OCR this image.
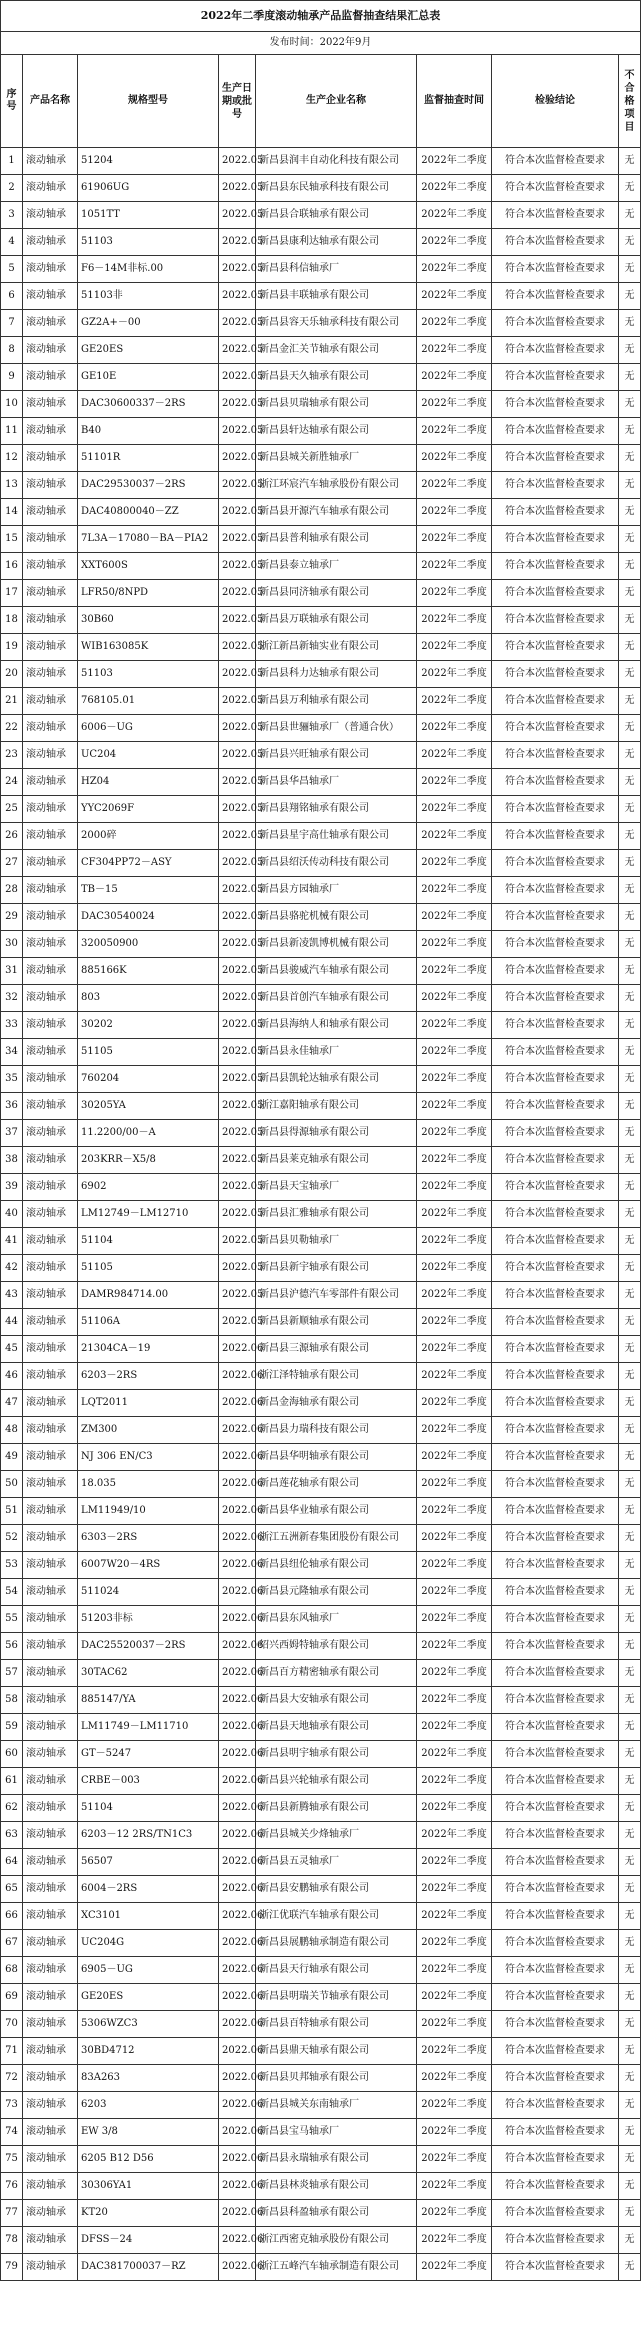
2022年二季度滚动轴承产品监督抽查结果汇总表							
发布时间：2022年9月							
序号	产品名称	规格型号	生产日期或批号	生产企业名称	监督抽查时间	检验结论	不合格项目
1	滚动轴承	51204	2022.05	新昌县润丰自动化科技有限公司	2022年二季度	符合本次监督检查要求	无
2	滚动轴承	61906UG	2022.05	新昌县东民轴承科技有限公司	2022年二季度	符合本次监督检查要求	无
3	滚动轴承	1051TT	2022.05	新昌县合联轴承有限公司	2022年二季度	符合本次监督检查要求	无
4	滚动轴承	51103	2022.05	新昌县康利达轴承有限公司	2022年二季度	符合本次监督检查要求	无
5	滚动轴承	F6－14M非标.00	2022.05	新昌县科信轴承厂	2022年二季度	符合本次监督检查要求	无
6	滚动轴承	51103非	2022.05	新昌县丰联轴承有限公司	2022年二季度	符合本次监督检查要求	无
7	滚动轴承	GZ2A+－00	2022.05	新昌县容天乐轴承科技有限公司	2022年二季度	符合本次监督检查要求	无
8	滚动轴承	GE20ES	2022.05	新昌金汇关节轴承有限公司	2022年二季度	符合本次监督检查要求	无
9	滚动轴承	GE10E	2022.05	新昌县天久轴承有限公司	2022年二季度	符合本次监督检查要求	无
10	滚动轴承	DAC30600337－2RS	2022.05	新昌县贝瑞轴承有限公司	2022年二季度	符合本次监督检查要求	无
11	滚动轴承	B40	2022.05	新昌县轩达轴承有限公司	2022年二季度	符合本次监督检查要求	无
12	滚动轴承	51101R	2022.05	新昌县城关新胜轴承厂	2022年二季度	符合本次监督检查要求	无
13	滚动轴承	DAC29530037－2RS	2022.05	浙江环宸汽车轴承股份有限公司	2022年二季度	符合本次监督检查要求	无
14	滚动轴承	DAC40800040－ZZ	2022.05	新昌县开源汽车轴承有限公司	2022年二季度	符合本次监督检查要求	无
15	滚动轴承	7L3A－17080－BA－PIA2	2022.05	新昌县普利轴承有限公司	2022年二季度	符合本次监督检查要求	无
16	滚动轴承	XXT600S	2022.05	新昌县泰立轴承厂	2022年二季度	符合本次监督检查要求	无
17	滚动轴承	LFR50/8NPD	2022.05	新昌县同济轴承有限公司	2022年二季度	符合本次监督检查要求	无
18	滚动轴承	30B60	2022.05	新昌县万联轴承有限公司	2022年二季度	符合本次监督检查要求	无
19	滚动轴承	WIB163085K	2022.05	浙江新昌新轴实业有限公司	2022年二季度	符合本次监督检查要求	无
20	滚动轴承	51103	2022.05	新昌县科力达轴承有限公司	2022年二季度	符合本次监督检查要求	无
21	滚动轴承	768105.01	2022.05	新昌县万利轴承有限公司	2022年二季度	符合本次监督检查要求	无
22	滚动轴承	6006－UG	2022.05	新昌县世骊轴承厂（普通合伙）	2022年二季度	符合本次监督检查要求	无
23	滚动轴承	UC204	2022.05	新昌县兴旺轴承有限公司	2022年二季度	符合本次监督检查要求	无
24	滚动轴承	HZ04	2022.05	新昌县华昌轴承厂	2022年二季度	符合本次监督检查要求	无
25	滚动轴承	YYC2069F	2022.05	新昌县翔铭轴承有限公司	2022年二季度	符合本次监督检查要求	无
26	滚动轴承	2000碎	2022.05	新昌县星宇高仕轴承有限公司	2022年二季度	符合本次监督检查要求	无
27	滚动轴承	CF304PP72－ASY	2022.05	新昌县绍沃传动科技有限公司	2022年二季度	符合本次监督检查要求	无
28	滚动轴承	TB－15	2022.05	新昌县方园轴承厂	2022年二季度	符合本次监督检查要求	无
29	滚动轴承	DAC30540024	2022.05	新昌县骆驼机械有限公司	2022年二季度	符合本次监督检查要求	无
30	滚动轴承	320050900	2022.05	新昌县新凌凯博机械有限公司	2022年二季度	符合本次监督检查要求	无
31	滚动轴承	885166K	2022.05	新昌县骏威汽车轴承有限公司	2022年二季度	符合本次监督检查要求	无
32	滚动轴承	803	2022.05	新昌县首创汽车轴承有限公司	2022年二季度	符合本次监督检查要求	无
33	滚动轴承	30202	2022.05	新昌县海纳人和轴承有限公司	2022年二季度	符合本次监督检查要求	无
34	滚动轴承	51105	2022.05	新昌县永佳轴承厂	2022年二季度	符合本次监督检查要求	无
35	滚动轴承	760204	2022.05	新昌县凯轮达轴承有限公司	2022年二季度	符合本次监督检查要求	无
36	滚动轴承	30205YA	2022.05	浙江嘉阳轴承有限公司	2022年二季度	符合本次监督检查要求	无
37	滚动轴承	11.2200/00－A	2022.05	新昌县得源轴承有限公司	2022年二季度	符合本次监督检查要求	无
38	滚动轴承	203KRR－X5/8	2022.05	新昌县莱克轴承有限公司	2022年二季度	符合本次监督检查要求	无
39	滚动轴承	6902	2022.05	新昌县天宝轴承厂	2022年二季度	符合本次监督检查要求	无
40	滚动轴承	LM12749－LM12710	2022.05	新昌县汇雅轴承有限公司	2022年二季度	符合本次监督检查要求	无
41	滚动轴承	51104	2022.05	新昌县贝勒轴承厂	2022年二季度	符合本次监督检查要求	无
42	滚动轴承	51105	2022.05	新昌县新宇轴承有限公司	2022年二季度	符合本次监督检查要求	无
43	滚动轴承	DAMR984714.00	2022.05	新昌县沪德汽车零部件有限公司	2022年二季度	符合本次监督检查要求	无
44	滚动轴承	51106A	2022.05	新昌县新顺轴承有限公司	2022年二季度	符合本次监督检查要求	无
45	滚动轴承	21304CA－19	2022.06	新昌县三源轴承有限公司	2022年二季度	符合本次监督检查要求	无
46	滚动轴承	6203－2RS	2022.06	浙江泽特轴承有限公司	2022年二季度	符合本次监督检查要求	无
47	滚动轴承	LQT2011	2022.06	新昌金海轴承有限公司	2022年二季度	符合本次监督检查要求	无
48	滚动轴承	ZM300	2022.06	新昌县力瑞科技有限公司	2022年二季度	符合本次监督检查要求	无
49	滚动轴承	NJ 306 EN/C3	2022.06	新昌县华明轴承有限公司	2022年二季度	符合本次监督检查要求	无
50	滚动轴承	18.035	2022.06	新昌莲花轴承有限公司	2022年二季度	符合本次监督检查要求	无
51	滚动轴承	LM11949/10	2022.06	新昌县华业轴承有限公司	2022年二季度	符合本次监督检查要求	无
52	滚动轴承	6303－2RS	2022.06	浙江五洲新春集团股份有限公司	2022年二季度	符合本次监督检查要求	无
53	滚动轴承	6007W20－4RS	2022.06	新昌县纽伦轴承有限公司	2022年二季度	符合本次监督检查要求	无
54	滚动轴承	511024	2022.06	新昌县元隆轴承有限公司	2022年二季度	符合本次监督检查要求	无
55	滚动轴承	51203非标	2022.06	新昌县东风轴承厂	2022年二季度	符合本次监督检查要求	无
56	滚动轴承	DAC25520037－2RS	2022.06	绍兴西姆特轴承有限公司	2022年二季度	符合本次监督检查要求	无
57	滚动轴承	30TAC62	2022.06	新昌百方精密轴承有限公司	2022年二季度	符合本次监督检查要求	无
58	滚动轴承	885147/YA	2022.06	新昌县大安轴承有限公司	2022年二季度	符合本次监督检查要求	无
59	滚动轴承	LM11749－LM11710	2022.06	新昌县天地轴承有限公司	2022年二季度	符合本次监督检查要求	无
60	滚动轴承	GT－5247	2022.06	新昌县明宇轴承有限公司	2022年二季度	符合本次监督检查要求	无
61	滚动轴承	CRBE－003	2022.06	新昌县兴轮轴承有限公司	2022年二季度	符合本次监督检查要求	无
62	滚动轴承	51104	2022.06	新昌县新腾轴承有限公司	2022年二季度	符合本次监督检查要求	无
63	滚动轴承	6203－12 2RS/TN1C3	2022.06	新昌县城关少烽轴承厂	2022年二季度	符合本次监督检查要求	无
64	滚动轴承	56507	2022.06	新昌县五灵轴承厂	2022年二季度	符合本次监督检查要求	无
65	滚动轴承	6004－2RS	2022.06	新昌县安鹏轴承有限公司	2022年二季度	符合本次监督检查要求	无
66	滚动轴承	XC3101	2022.06	浙江优联汽车轴承有限公司	2022年二季度	符合本次监督检查要求	无
67	滚动轴承	UC204G	2022.06	新昌县展鹏轴承制造有限公司	2022年二季度	符合本次监督检查要求	无
68	滚动轴承	6905－UG	2022.06	新昌县天行轴承有限公司	2022年二季度	符合本次监督检查要求	无
69	滚动轴承	GE20ES	2022.06	新昌县明瑞关节轴承有限公司	2022年二季度	符合本次监督检查要求	无
70	滚动轴承	5306WZC3	2022.06	新昌县百特轴承有限公司	2022年二季度	符合本次监督检查要求	无
71	滚动轴承	30BD4712	2022.06	新昌县鼎天轴承有限公司	2022年二季度	符合本次监督检查要求	无
72	滚动轴承	83A263	2022.06	新昌县贝邦轴承有限公司	2022年二季度	符合本次监督检查要求	无
73	滚动轴承	6203	2022.06	新昌县城关东南轴承厂	2022年二季度	符合本次监督检查要求	无
74	滚动轴承	EW 3/8	2022.06	新昌县宝马轴承厂	2022年二季度	符合本次监督检查要求	无
75	滚动轴承	6205 B12 D56	2022.06	新昌县永瑞轴承有限公司	2022年二季度	符合本次监督检查要求	无
76	滚动轴承	30306YA1	2022.06	新昌县林炎轴承有限公司	2022年二季度	符合本次监督检查要求	无
77	滚动轴承	KT20	2022.06	新昌县科盈轴承有限公司	2022年二季度	符合本次监督检查要求	无
78	滚动轴承	DFSS－24	2022.06	浙江西密克轴承股份有限公司	2022年二季度	符合本次监督检查要求	无
79	滚动轴承	DAC381700037－RZ	2022.06	浙江五峰汽车轴承制造有限公司	2022年二季度	符合本次监督检查要求	无
